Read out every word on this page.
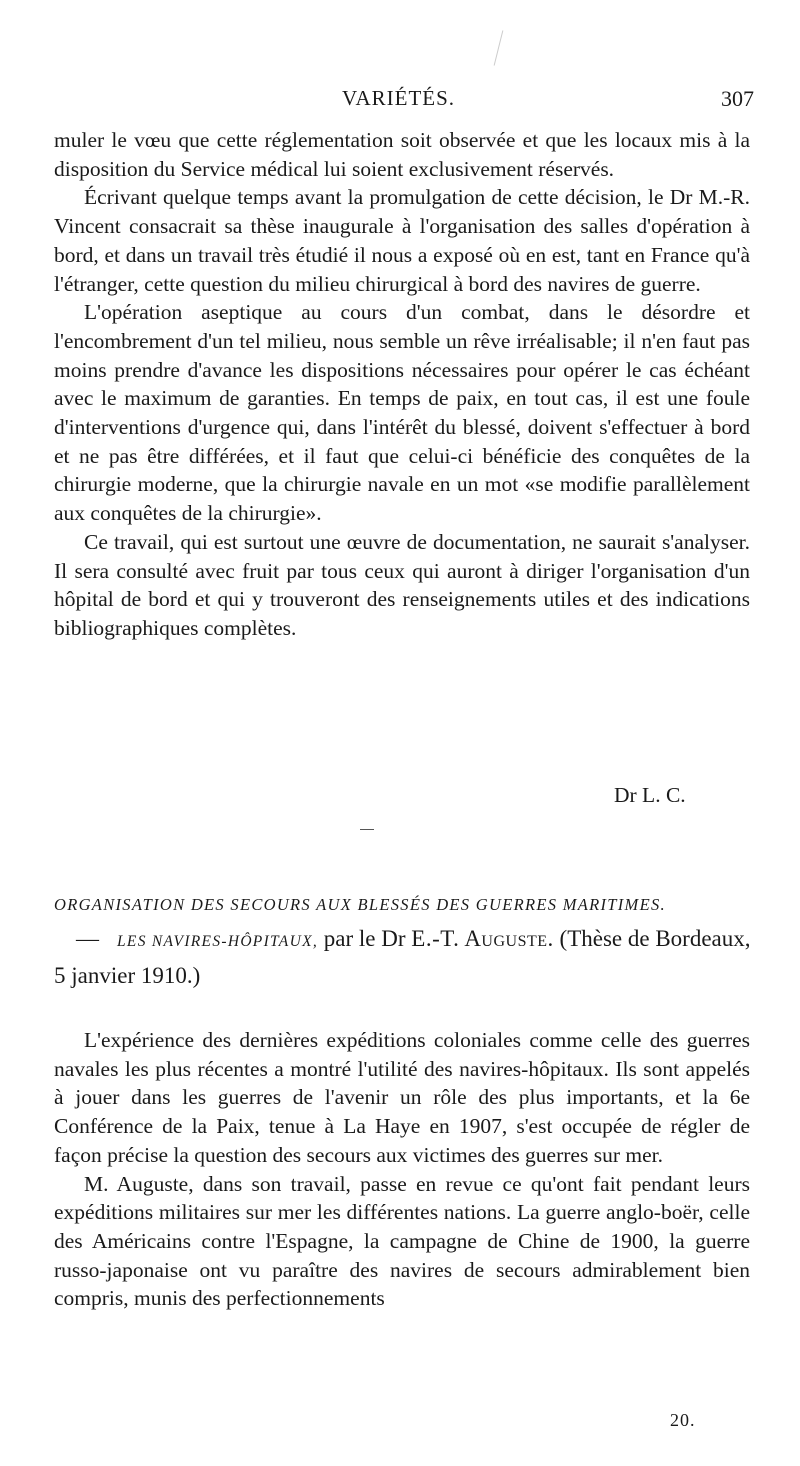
VARIÉTÉS.	307

muler le vœu que cette réglementation soit observée et que les locaux mis à la disposition du Service médical lui soient exclusivement réservés.

Écrivant quelque temps avant la promulgation de cette décision, le Dr M.-R. Vincent consacrait sa thèse inaugurale à l'organisation des salles d'opération à bord, et dans un travail très étudié il nous a exposé où en est, tant en France qu'à l'étranger, cette question du milieu chirurgical à bord des navires de guerre.

L'opération aseptique au cours d'un combat, dans le désordre et l'encombrement d'un tel milieu, nous semble un rêve irréalisable; il n'en faut pas moins prendre d'avance les dispositions nécessaires pour opérer le cas échéant avec le maximum de garanties. En temps de paix, en tout cas, il est une foule d'interventions d'urgence qui, dans l'intérêt du blessé, doivent s'effectuer à bord et ne pas être différées, et il faut que celui-ci bénéficie des conquêtes de la chirurgie moderne, que la chirurgie navale en un mot «se modifie parallèlement aux conquêtes de la chirurgie».

Ce travail, qui est surtout une œuvre de documentation, ne saurait s'analyser. Il sera consulté avec fruit par tous ceux qui auront à diriger l'organisation d'un hôpital de bord et qui y trouveront des renseignements utiles et des indications bibliographiques complètes.

Dr L. C.
ORGANISATION DES SECOURS AUX BLESSÉS DES GUERRES MARITIMES.
— LES NAVIRES-HÔPITAUX, par le Dr E.-T. Auguste. (Thèse de Bordeaux, 5 janvier 1910.)

L'expérience des dernières expéditions coloniales comme celle des guerres navales les plus récentes a montré l'utilité des navires-hôpitaux. Ils sont appelés à jouer dans les guerres de l'avenir un rôle des plus importants, et la 6e Conférence de la Paix, tenue à La Haye en 1907, s'est occupée de régler de façon précise la question des secours aux victimes des guerres sur mer.

M. Auguste, dans son travail, passe en revue ce qu'ont fait pendant leurs expéditions militaires sur mer les différentes nations. La guerre anglo-boër, celle des Américains contre l'Espagne, la campagne de Chine de 1900, la guerre russo-japonaise ont vu paraître des navires de secours admirablement bien compris, munis des perfectionnements

20.
